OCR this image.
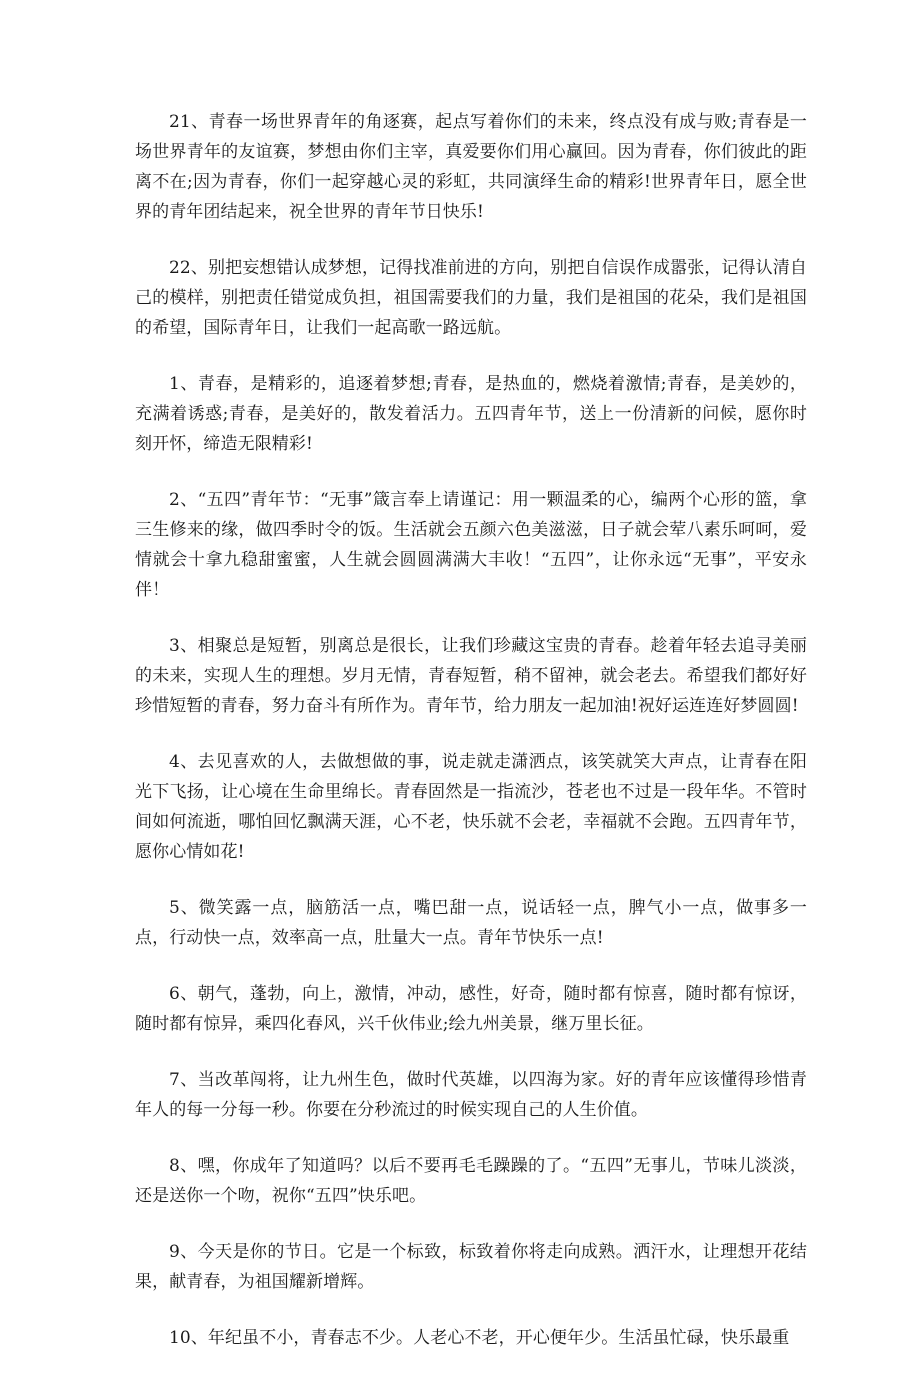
21、青春一场世界青年的角逐赛，起点写着你们的未来，终点没有成与败;青春是一场世界青年的友谊赛，梦想由你们主宰，真爱要你们用心赢回。因为青春，你们彼此的距离不在;因为青春，你们一起穿越心灵的彩虹，共同演绎生命的精彩!世界青年日，愿全世界的青年团结起来，祝全世界的青年节日快乐!

22、别把妄想错认成梦想，记得找准前进的方向，别把自信误作成嚣张，记得认清自己的模样，别把责任错觉成负担，祖国需要我们的力量，我们是祖国的花朵，我们是祖国的希望，国际青年日，让我们一起高歌一路远航。

1、青春，是精彩的，追逐着梦想;青春，是热血的，燃烧着激情;青春，是美妙的，充满着诱惑;青春，是美好的，散发着活力。五四青年节，送上一份清新的问候，愿你时刻开怀，缔造无限精彩!

2、“五四”青年节：“无事”箴言奉上请谨记：用一颗温柔的心，编两个心形的篮，拿三生修来的缘，做四季时令的饭。生活就会五颜六色美滋滋，日子就会荤八素乐呵呵，爱情就会十拿九稳甜蜜蜜，人生就会圆圆满满大丰收！“五四”，让你永远“无事”，平安永伴！

3、相聚总是短暂，别离总是很长，让我们珍藏这宝贵的青春。趁着年轻去追寻美丽的未来，实现人生的理想。岁月无情，青春短暂，稍不留神，就会老去。希望我们都好好珍惜短暂的青春，努力奋斗有所作为。青年节，给力朋友一起加油!祝好运连连好梦圆圆!

4、去见喜欢的人，去做想做的事，说走就走潇洒点，该笑就笑大声点，让青春在阳光下飞扬，让心境在生命里绵长。青春固然是一指流沙，苍老也不过是一段年华。不管时间如何流逝，哪怕回忆飘满天涯，心不老，快乐就不会老，幸福就不会跑。五四青年节，愿你心情如花!

5、微笑露一点，脑筋活一点，嘴巴甜一点，说话轻一点，脾气小一点，做事多一点，行动快一点，效率高一点，肚量大一点。青年节快乐一点!

6、朝气，蓬勃，向上，激情，冲动，感性，好奇，随时都有惊喜，随时都有惊讶，随时都有惊异，乘四化春风，兴千伙伟业;绘九州美景，继万里长征。

7、当改革闯将，让九州生色，做时代英雄，以四海为家。好的青年应该懂得珍惜青年人的每一分每一秒。你要在分秒流过的时候实现自己的人生价值。

8、嘿，你成年了知道吗？以后不要再毛毛躁躁的了。“五四”无事儿，节味儿淡淡，还是送你一个吻，祝你“五四”快乐吧。

9、今天是你的节日。它是一个标致，标致着你将走向成熟。洒汗水，让理想开花结果，献青春，为祖国耀新增辉。

10、年纪虽不小，青春志不少。人老心不老，开心便年少。生活虽忙碌，快乐最重
